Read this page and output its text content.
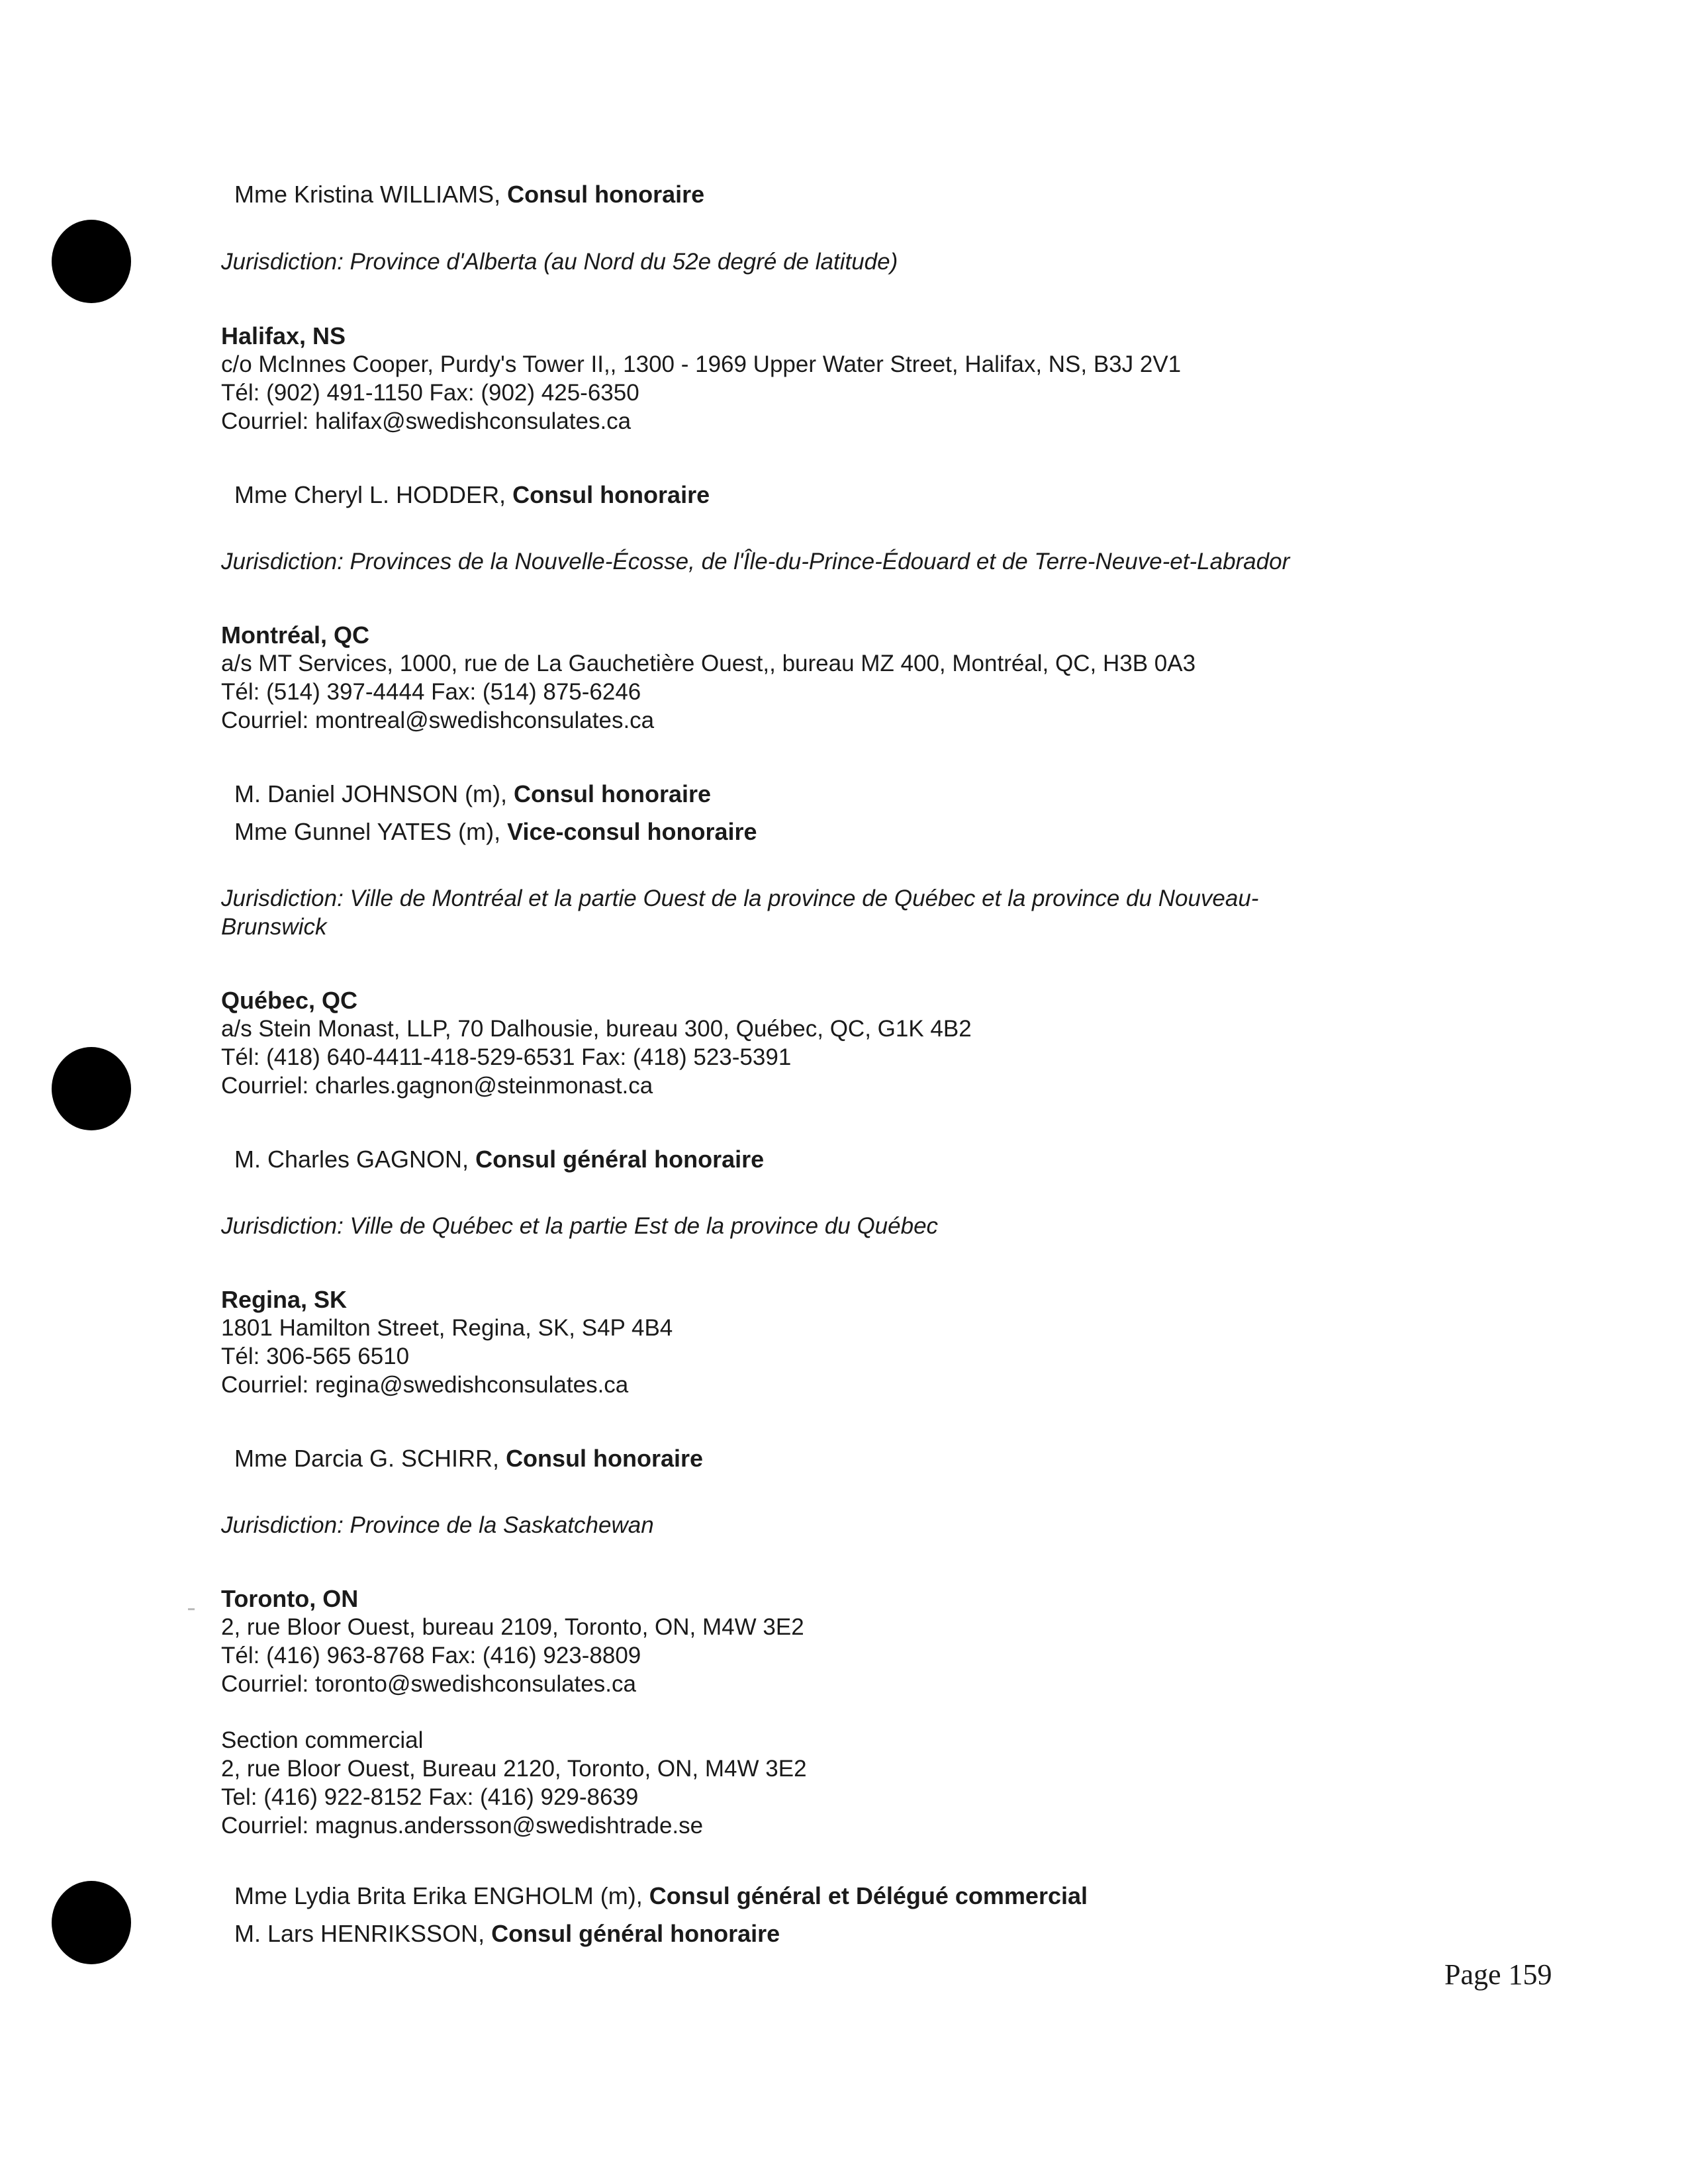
Mme Kristina WILLIAMS, Consul honoraire
Jurisdiction: Province d'Alberta (au Nord du 52e degré de latitude)
Halifax, NS
c/o McInnes Cooper, Purdy's Tower II,, 1300 - 1969 Upper Water Street, Halifax, NS, B3J 2V1
Tél: (902) 491-1150 Fax: (902) 425-6350
Courriel: halifax@swedishconsulates.ca
Mme Cheryl L. HODDER, Consul honoraire
Jurisdiction: Provinces de la Nouvelle-Écosse, de l'Île-du-Prince-Édouard et de Terre-Neuve-et-Labrador
Montréal, QC
a/s MT Services, 1000, rue de La Gauchetière Ouest,, bureau MZ 400, Montréal, QC, H3B 0A3
Tél: (514) 397-4444 Fax: (514) 875-6246
Courriel: montreal@swedishconsulates.ca
M. Daniel JOHNSON (m), Consul honoraire
Mme Gunnel YATES (m), Vice-consul honoraire
Jurisdiction: Ville de Montréal et la partie Ouest de la province de Québec et la province du Nouveau-
Brunswick
Québec, QC
a/s Stein Monast, LLP, 70 Dalhousie, bureau 300, Québec, QC, G1K 4B2
Tél: (418) 640-4411-418-529-6531 Fax: (418) 523-5391
Courriel: charles.gagnon@steinmonast.ca
M. Charles GAGNON, Consul général honoraire
Jurisdiction: Ville de Québec et la partie Est de la province du Québec
Regina, SK
1801 Hamilton Street, Regina, SK, S4P 4B4
Tél: 306-565 6510
Courriel: regina@swedishconsulates.ca
Mme Darcia G. SCHIRR, Consul honoraire
Jurisdiction: Province de la Saskatchewan
Toronto, ON
2, rue Bloor Ouest, bureau 2109, Toronto, ON, M4W 3E2
Tél: (416) 963-8768 Fax: (416) 923-8809
Courriel: toronto@swedishconsulates.ca
Section commercial
2, rue Bloor Ouest, Bureau 2120, Toronto, ON, M4W 3E2
Tel: (416) 922-8152 Fax: (416) 929-8639
Courriel: magnus.andersson@swedishtrade.se
Mme Lydia Brita Erika ENGHOLM (m), Consul général et Délégué commercial
M. Lars HENRIKSSON, Consul général honoraire
Page 159
